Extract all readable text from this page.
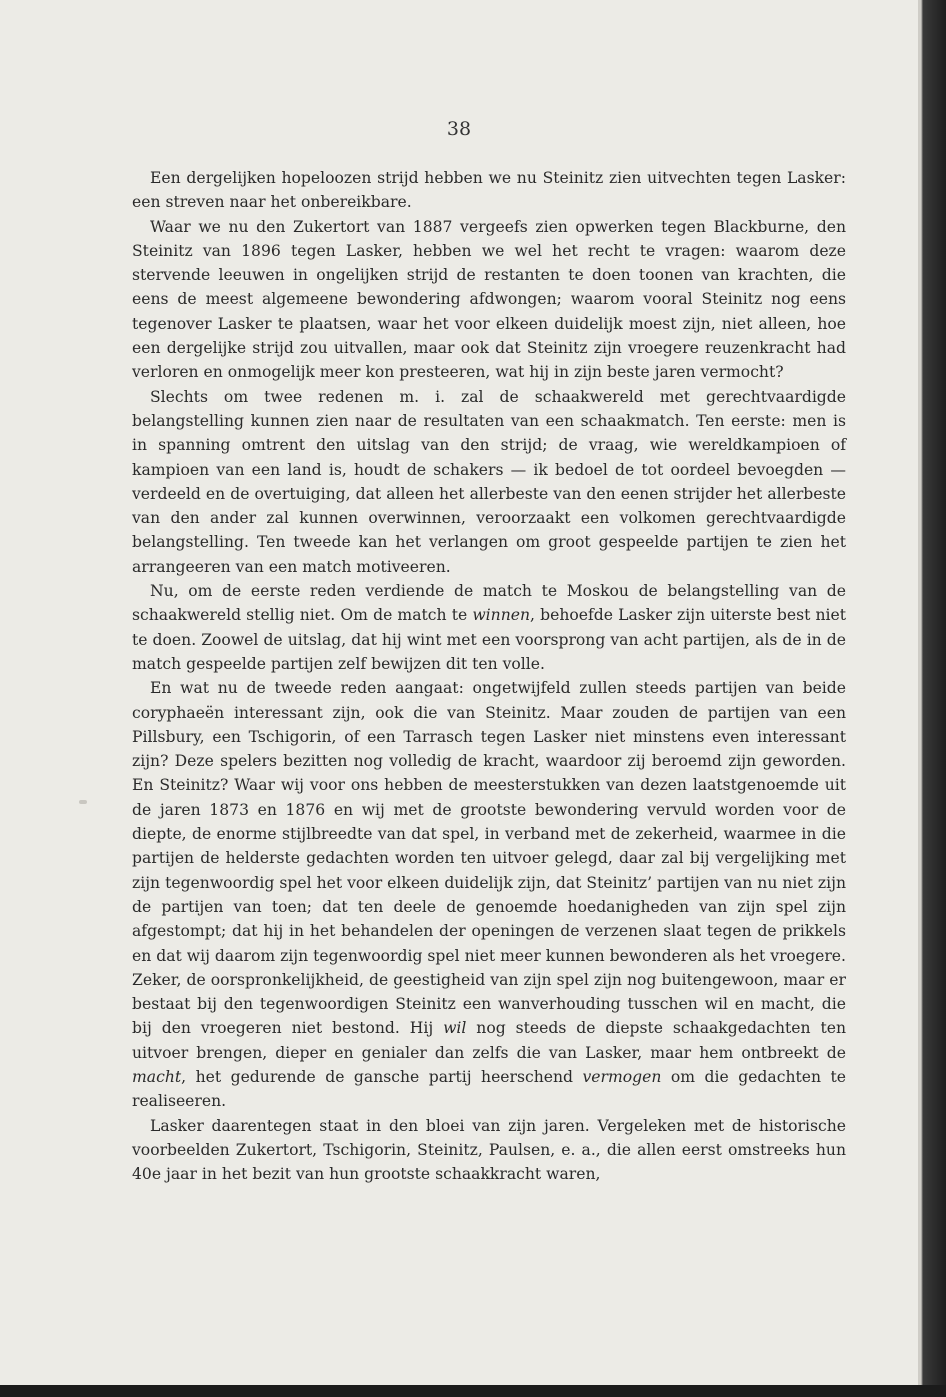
38

Een dergelijken hopeloozen strijd hebben we nu Steinitz zien uitvechten tegen Lasker: een streven naar het onbereikbare.

Waar we nu den Zukertort van 1887 vergeefs zien opwerken tegen Blackburne, den Steinitz van 1896 tegen Lasker, hebben we wel het recht te vragen: waarom deze stervende leeuwen in ongelijken strijd de restanten te doen toonen van krachten, die eens de meest algemeene bewondering afdwongen; waarom vooral Steinitz nog eens tegenover Lasker te plaatsen, waar het voor elkeen duidelijk moest zijn, niet alleen, hoe een dergelijke strijd zou uitvallen, maar ook dat Steinitz zijn vroegere reuzenkracht had verloren en onmogelijk meer kon presteeren, wat hij in zijn beste jaren vermocht?

Slechts om twee redenen m. i. zal de schaakwereld met gerechtvaardigde belangstelling kunnen zien naar de resultaten van een schaakmatch. Ten eerste: men is in spanning omtrent den uitslag van den strijd; de vraag, wie wereldkampioen of kampioen van een land is, houdt de schakers — ik bedoel de tot oordeel bevoegden — verdeeld en de overtuiging, dat alleen het allerbeste van den eenen strijder het allerbeste van den ander zal kunnen overwinnen, veroorzaakt een volkomen gerechtvaardigde belangstelling. Ten tweede kan het verlangen om groot gespeelde partijen te zien het arrangeeren van een match motiveeren.

Nu, om de eerste reden verdiende de match te Moskou de belangstelling van de schaakwereld stellig niet. Om de match te winnen, behoefde Lasker zijn uiterste best niet te doen. Zoowel de uitslag, dat hij wint met een voorsprong van acht partijen, als de in de match gespeelde partijen zelf bewijzen dit ten volle.

En wat nu de tweede reden aangaat: ongetwijfeld zullen steeds partijen van beide coryphaeën interessant zijn, ook die van Steinitz. Maar zouden de partijen van een Pillsbury, een Tschigorin, of een Tarrasch tegen Lasker niet minstens even interessant zijn? Deze spelers bezitten nog volledig de kracht, waardoor zij beroemd zijn geworden. En Steinitz? Waar wij voor ons hebben de meesterstukken van dezen laatstgenoemde uit de jaren 1873 en 1876 en wij met de grootste bewondering vervuld worden voor de diepte, de enorme stijlbreedte van dat spel, in verband met de zekerheid, waarmee in die partijen de helderste gedachten worden ten uitvoer gelegd, daar zal bij vergelijking met zijn tegenwoordig spel het voor elkeen duidelijk zijn, dat Steinitz’ partijen van nu niet zijn de partijen van toen; dat ten deele de genoemde hoedanigheden van zijn spel zijn afgestompt; dat hij in het behandelen der openingen de verzenen slaat tegen de prikkels en dat wij daarom zijn tegenwoordig spel niet meer kunnen bewonderen als het vroegere. Zeker, de oorspronkelijkheid, de geestigheid van zijn spel zijn nog buitengewoon, maar er bestaat bij den tegenwoordigen Steinitz een wanverhouding tusschen wil en macht, die bij den vroegeren niet bestond. Hij wil nog steeds de diepste schaakgedachten ten uitvoer brengen, dieper en genialer dan zelfs die van Lasker, maar hem ontbreekt de macht, het gedurende de gansche partij heerschend vermogen om die gedachten te realiseeren.

Lasker daarentegen staat in den bloei van zijn jaren. Vergeleken met de historische voorbeelden Zukertort, Tschigorin, Steinitz, Paulsen, e. a., die allen eerst omstreeks hun 40e jaar in het bezit van hun grootste schaakkracht waren,
